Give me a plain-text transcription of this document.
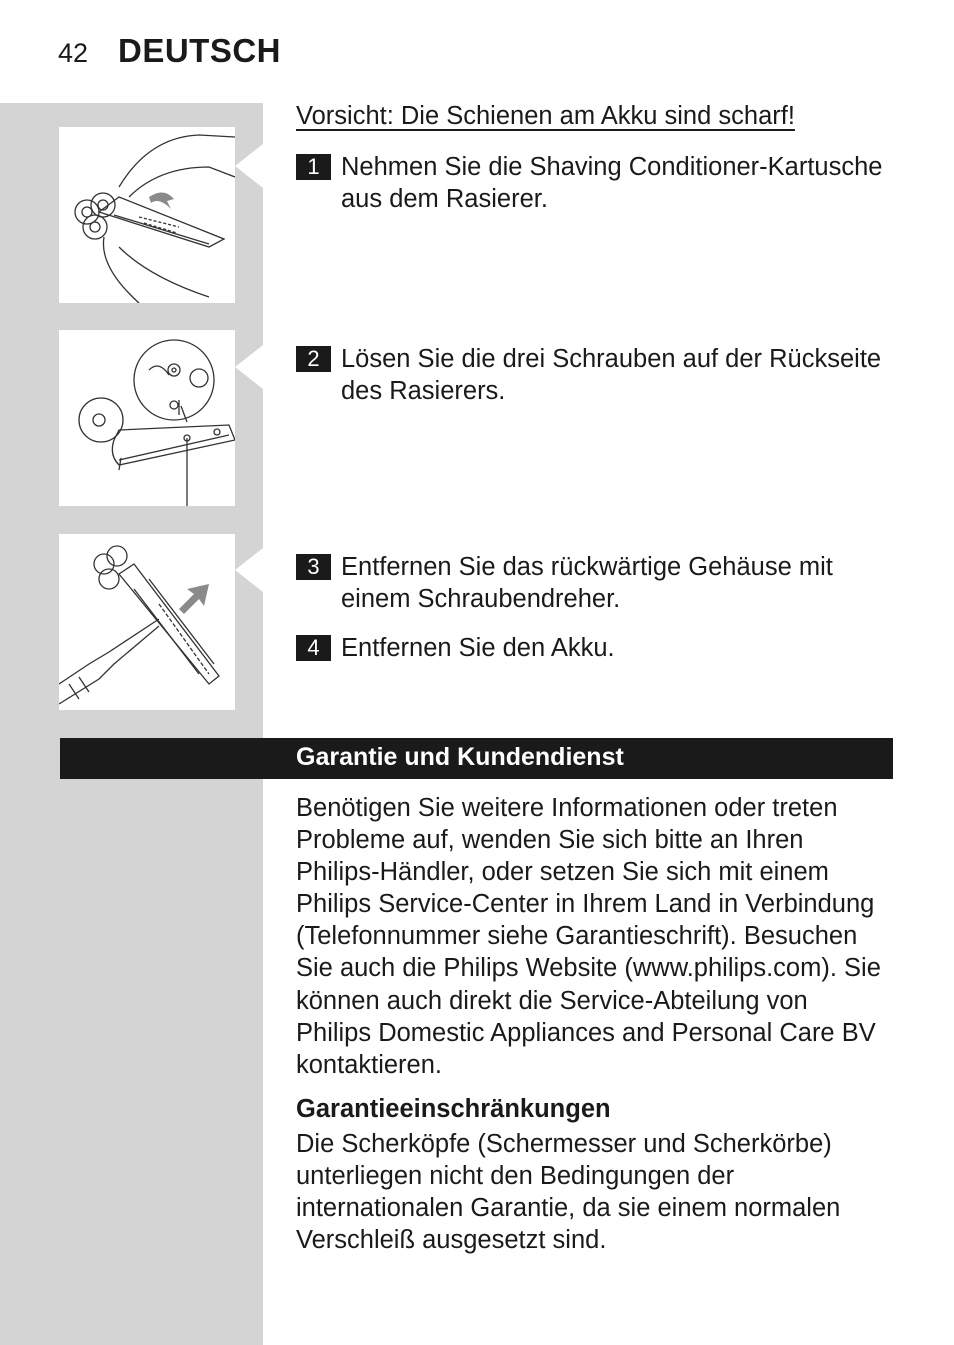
42 DEUTSCH
Vorsicht: Die Schienen am Akku sind scharf!
1 Nehmen Sie die Shaving Conditioner-Kartusche aus dem Rasierer.
2 Lösen Sie die drei Schrauben auf der Rückseite des Rasierers.
3 Entfernen Sie das rückwärtige Gehäuse mit einem Schraubendreher.
4 Entfernen Sie den Akku.
Garantie und Kundendienst

Benötigen Sie weitere Informationen oder treten Probleme auf, wenden Sie sich bitte an Ihren Philips-Händler, oder setzen Sie sich mit einem Philips Service-Center in Ihrem Land in Verbindung (Telefonnummer siehe Garantieschrift). Besuchen Sie auch die Philips Website (www.philips.com). Sie können auch direkt die Service-Abteilung von Philips Domestic Appliances and Personal Care BV kontaktieren.

Garantieeinschränkungen

Die Scherköpfe (Schermesser und Scherkörbe) unterliegen nicht den Bedingungen der internationalen Garantie, da sie einem normalen Verschleiß ausgesetzt sind.
